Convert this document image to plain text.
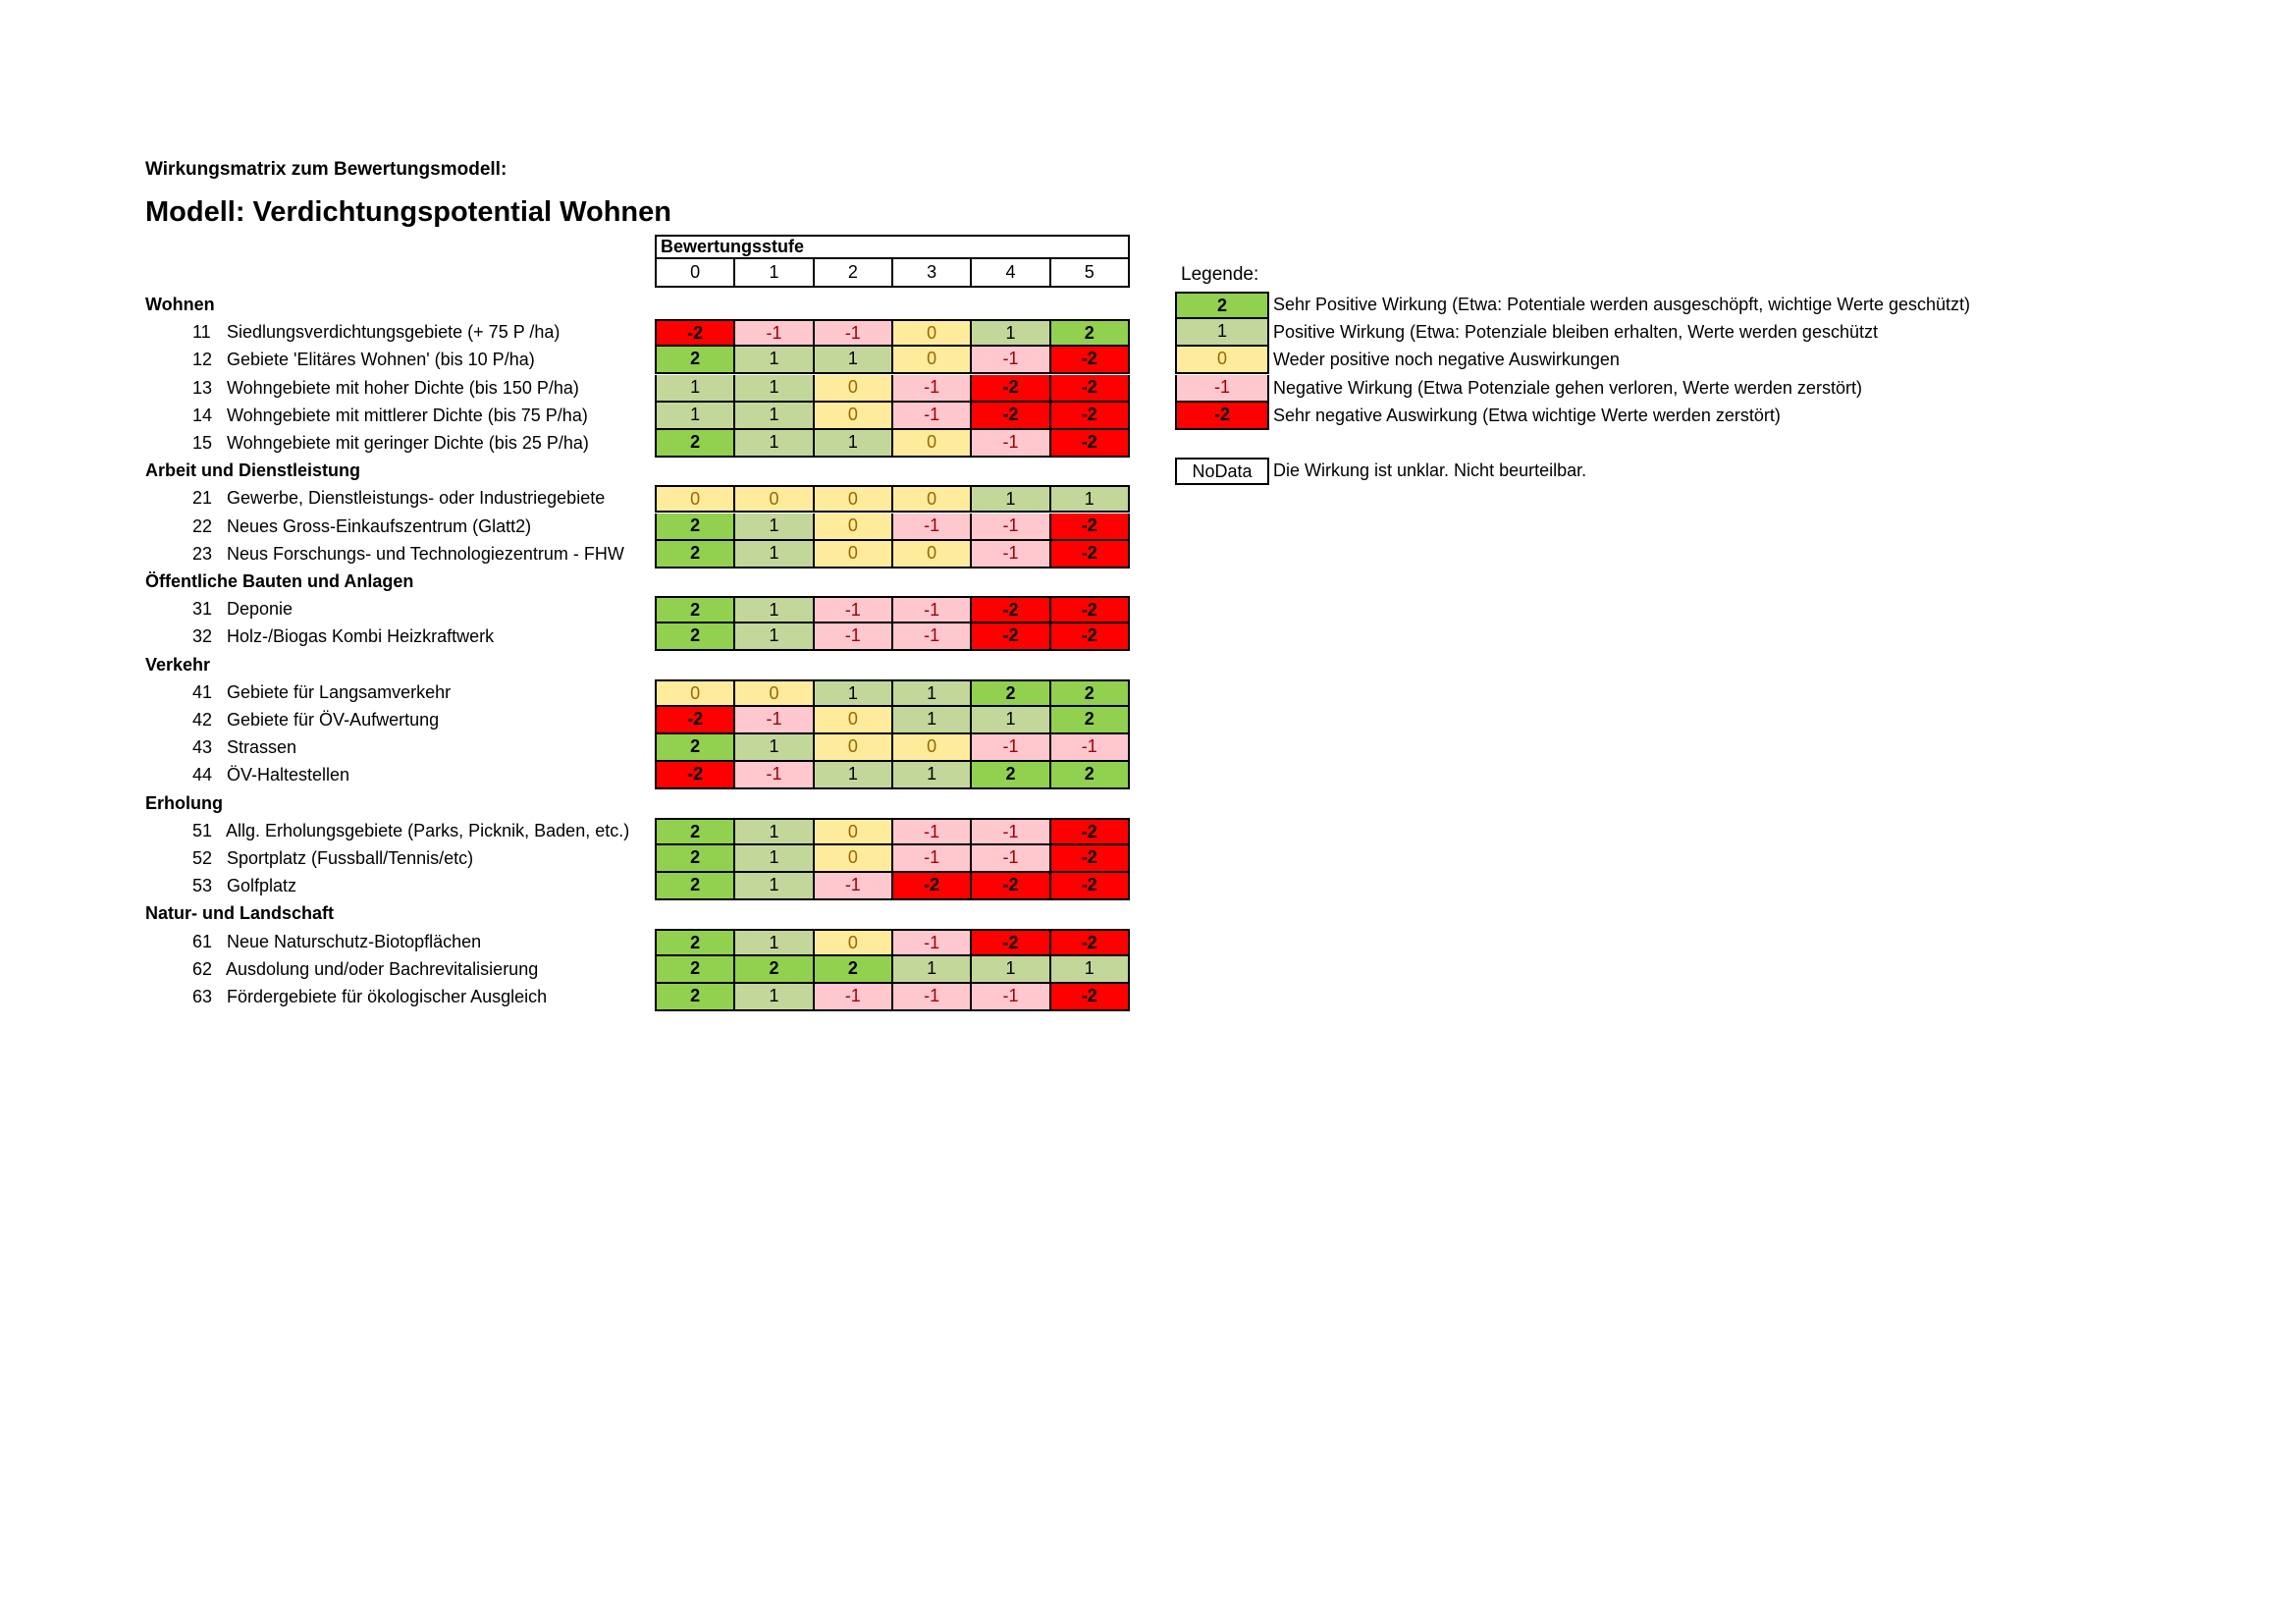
Wirkungsmatrix zum Bewertungsmodell:
Modell: Verdichtungspotential Wohnen
Bewertungsstufe
0	1	2	3	4	5
Wohnen
11 Siedlungsverdichtungsgebiete (+ 75 P /ha)	-2	-1	-1	0	1	2
12 Gebiete 'Elitäres Wohnen' (bis 10 P/ha)	2	1	1	0	-1	-2
13 Wohngebiete mit hoher Dichte (bis 150 P/ha)	1	1	0	-1	-2	-2
14 Wohngebiete mit mittlerer Dichte (bis 75 P/ha)	1	1	0	-1	-2	-2
15 Wohngebiete mit geringer Dichte (bis 25 P/ha)	2	1	1	0	-1	-2
Arbeit und Dienstleistung
21 Gewerbe, Dienstleistungs- oder Industriegebiete	0	0	0	0	1	1
22 Neues Gross-Einkaufszentrum (Glatt2)	2	1	0	-1	-1	-2
23 Neus Forschungs- und Technologiezentrum - FHW	2	1	0	0	-1	-2
Öffentliche Bauten und Anlagen
31 Deponie	2	1	-1	-1	-2	-2
32 Holz-/Biogas Kombi Heizkraftwerk	2	1	-1	-1	-2	-2
Verkehr
41 Gebiete für Langsamverkehr	0	0	1	1	2	2
42 Gebiete für ÖV-Aufwertung	-2	-1	0	1	1	2
43 Strassen	2	1	0	0	-1	-1
44 ÖV-Haltestellen	-2	-1	1	1	2	2
Erholung
51 Allg. Erholungsgebiete (Parks, Picknik, Baden, etc.)	2	1	0	-1	-1	-2
52 Sportplatz (Fussball/Tennis/etc)	2	1	0	-1	-1	-2
53 Golfplatz	2	1	-1	-2	-2	-2
Natur- und Landschaft
61 Neue Naturschutz-Biotopflächen	2	1	0	-1	-2	-2
62 Ausdolung und/oder Bachrevitalisierung	2	2	2	1	1	1
63 Fördergebiete für ökologischer Ausgleich	2	1	-1	-1	-1	-2
Legende:
2	Sehr Positive Wirkung (Etwa: Potentiale werden ausgeschöpft, wichtige Werte geschützt)
1	Positive Wirkung (Etwa: Potenziale bleiben erhalten, Werte werden geschützt
0	Weder positive noch negative Auswirkungen
-1	Negative Wirkung (Etwa Potenziale gehen verloren, Werte werden zerstört)
-2	Sehr negative Auswirkung (Etwa wichtige Werte werden zerstört)
NoData	Die Wirkung ist unklar. Nicht beurteilbar.
